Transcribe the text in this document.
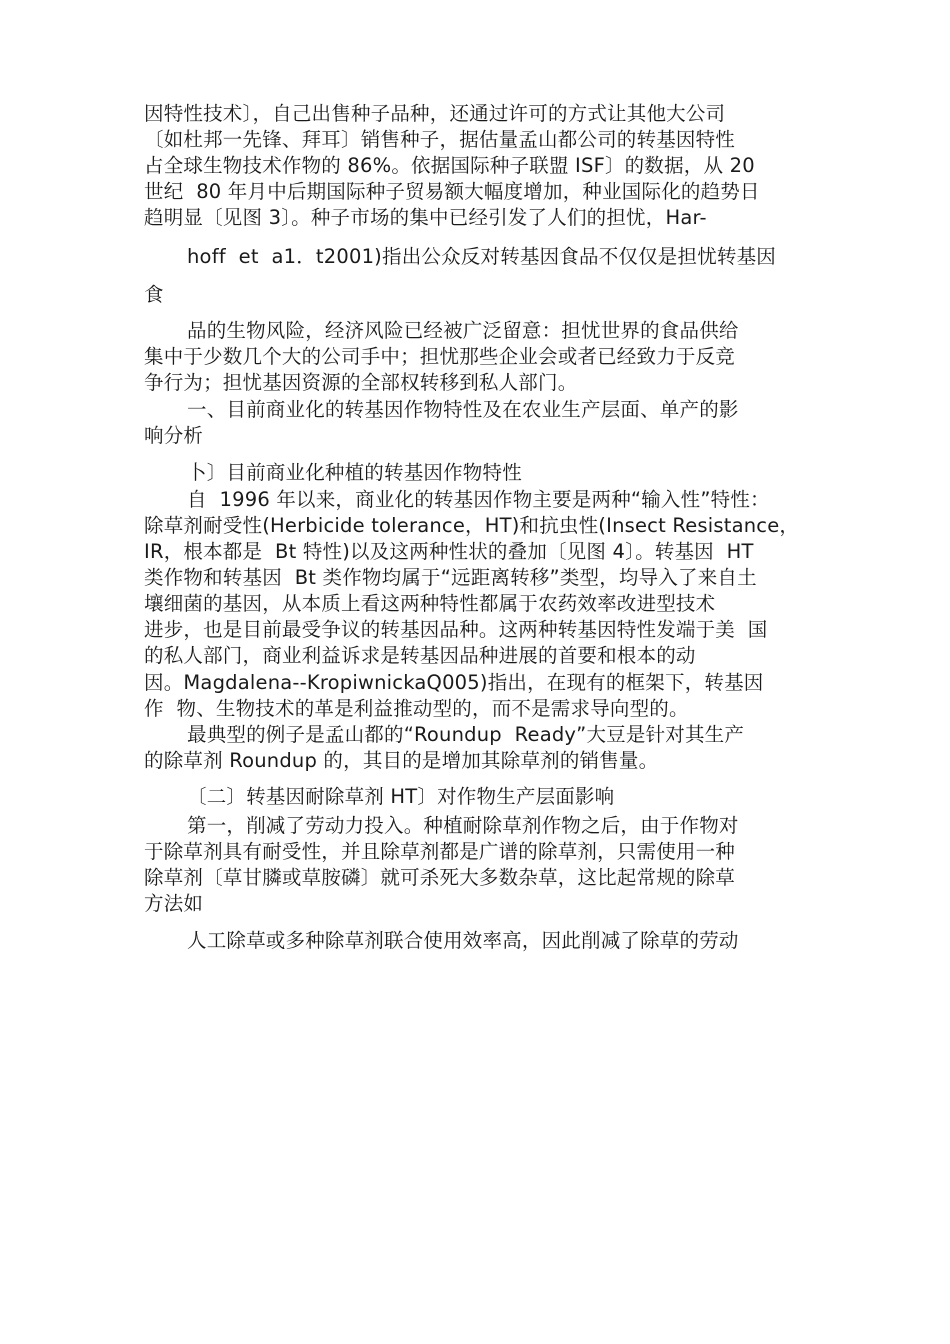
因特性技术〕，自己出售种子品种，还通过许可的方式让其他大公司
〔如杜邦一先锋、拜耳〕销售种子，据估量孟山都公司的转基因特性
占全球生物技术作物的 86%。依据国际种子联盟 ISF〕的数据，从 20
世纪  80 年月中后期国际种子贸易额大幅度增加，种业国际化的趋势日
趋明显〔见图 3〕。种子市场的集中已经引发了人们的担忧，Har-
hoff  et  a1．t2001)指出公众反对转基因食品不仅仅是担忧转基因
食
品的生物风险，经济风险已经被广泛留意：担忧世界的食品供给
集中于少数几个大的公司手中；担忧那些企业会或者已经致力于反竞
争行为；担忧基因资源的全部权转移到私人部门。
一、目前商业化的转基因作物特性及在农业生产层面、单产的影
响分析
卜〕目前商业化种植的转基因作物特性
自  1996 年以来，商业化的转基因作物主要是两种“输入性”特性：
除草剂耐受性(Herbicide tolerance，HT)和抗虫性(Insect Resistance，
IR，根本都是  Bt 特性)以及这两种性状的叠加〔见图 4〕。转基因  HT
类作物和转基因  Bt 类作物均属于“远距离转移”类型，均导入了来自土
壤细菌的基因，从本质上看这两种特性都属于农药效率改进型技术
进步，也是目前最受争议的转基因品种。这两种转基因特性发端于美  国
的私人部门，商业利益诉求是转基因品种进展的首要和根本的动
因。Magdalena--KropiwnickaQ005)指出，在现有的框架下，转基因
作  物、生物技术的革是利益推动型的，而不是需求导向型的。
最典型的例子是孟山都的“Roundup  Ready”大豆是针对其生产
的除草剂 Roundup 的，其目的是增加其除草剂的销售量。
〔二〕转基因耐除草剂 HT〕对作物生产层面影响
第一，削减了劳动力投入。种植耐除草剂作物之后，由于作物对
于除草剂具有耐受性，并且除草剂都是广谱的除草剂，只需使用一种
除草剂〔草甘膦或草胺磷〕就可杀死大多数杂草，这比起常规的除草
方法如
人工除草或多种除草剂联合使用效率高，因此削减了除草的劳动
